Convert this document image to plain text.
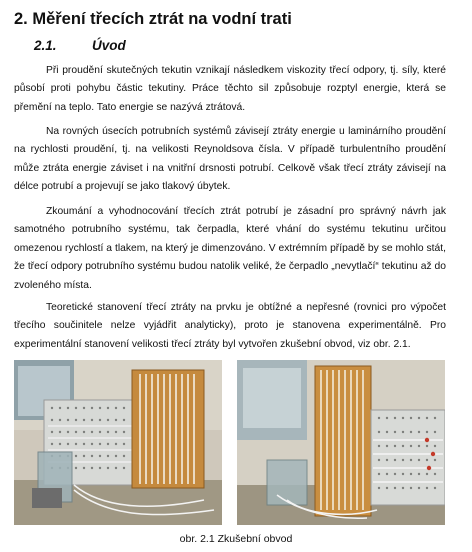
2. Měření třecích ztrát na vodní trati
2.1.	Úvod

Při proudění skutečných tekutin vznikají následkem viskozity třecí odpory, tj. síly, které působí proti pohybu částic tekutiny. Práce těchto sil způsobuje rozptyl energie, která se přemění na teplo. Tato energie se nazývá ztrátová.

Na rovných úsecích potrubních systémů závisejí ztráty energie u laminárního proudění na rychlosti proudění, tj. na velikosti Reynoldsova čísla. V případě turbulentního proudění může ztráta energie záviset i na vnitřní drsnosti potrubí. Celkově však třecí ztráty závisejí na délce potrubí a projevují se jako tlakový úbytek.

Zkoumání a vyhodnocování třecích ztrát potrubí je zásadní pro správný návrh jak samotného potrubního systému, tak čerpadla, které vhání do systému tekutinu určitou omezenou rychlostí a tlakem, na který je dimenzováno. V extrémním případě by se mohlo stát, že třecí odpory potrubního systému budou natolik veliké, že čerpadlo „nevytlačí“ tekutinu až do zvoleného místa.

Teoretické stanovení třecí ztráty na prvku je obtížné a nepřesné (rovnici pro výpočet třecího součinitele nelze vyjádřit analyticky), proto je stanovena experimentálně. Pro experimentální stanovení velikosti třecí ztráty byl vytvořen zkušební obvod, viz obr. 2.1.

obr. 2.1 Zkušební obvod
